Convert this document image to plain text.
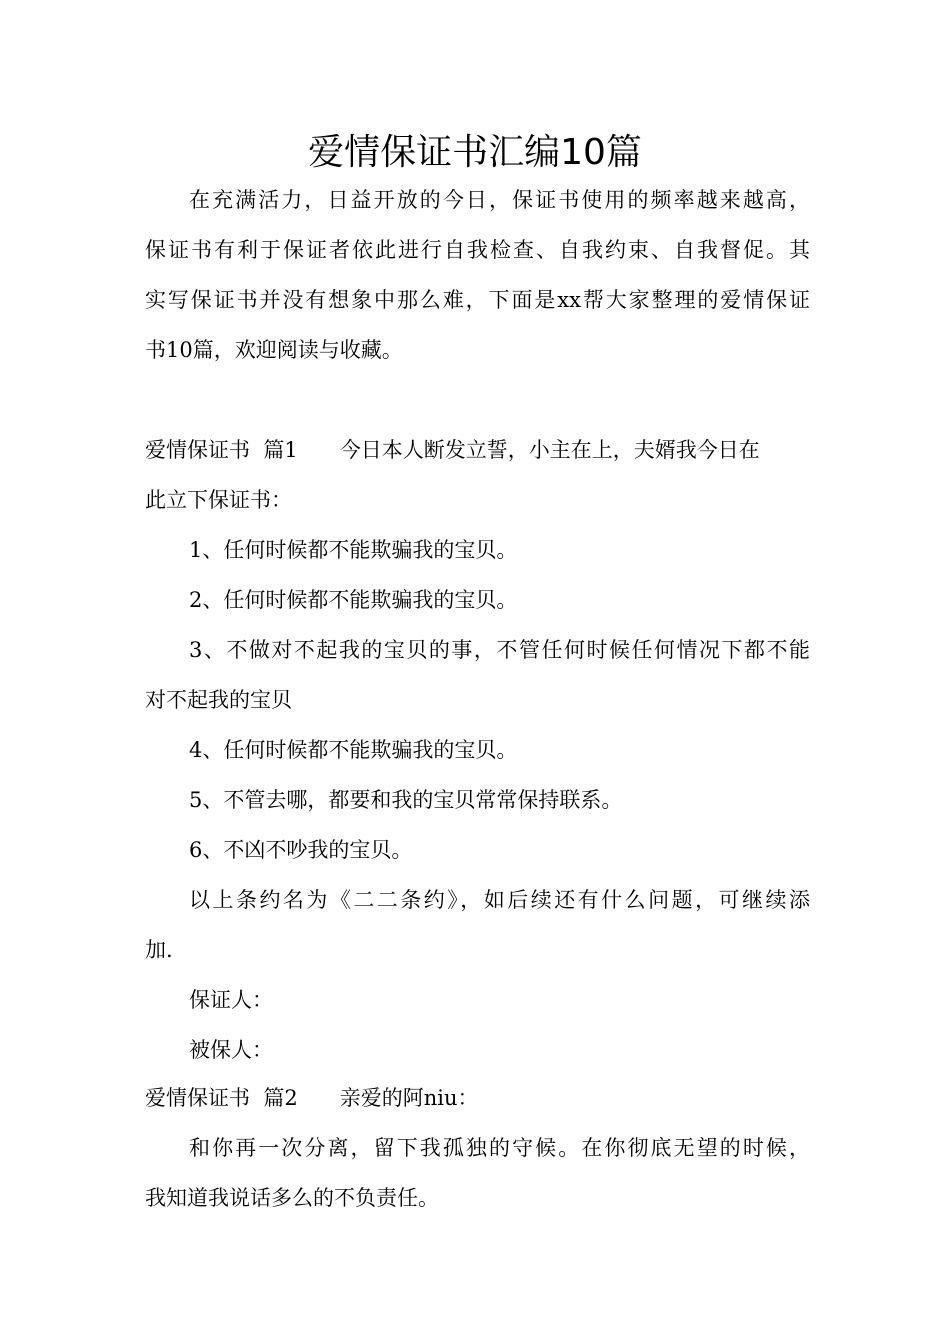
爱情保证书汇编10篇
在充满活力，日益开放的今日，保证书使用的频率越来越高，
保证书有利于保证者依此进行自我检查、自我约束、自我督促。其
实写保证书并没有想象中那么难，下面是xx帮大家整理的爱情保证
书10篇，欢迎阅读与收藏。
爱情保证书  篇1 今日本人断发立誓，小主在上，夫婿我今日在
此立下保证书：
1、任何时候都不能欺骗我的宝贝。
2、任何时候都不能欺骗我的宝贝。
3、不做对不起我的宝贝的事，不管任何时候任何情况下都不能
对不起我的宝贝
4、任何时候都不能欺骗我的宝贝。
5、不管去哪，都要和我的宝贝常常保持联系。
6、不凶不吵我的宝贝。
以上条约名为《二二条约》，如后续还有什么问题，可继续添
加.
保证人：
被保人：
爱情保证书  篇2 亲爱的阿niu：
和你再一次分离，留下我孤独的守候。在你彻底无望的时候，
我知道我说话多么的不负责任。
